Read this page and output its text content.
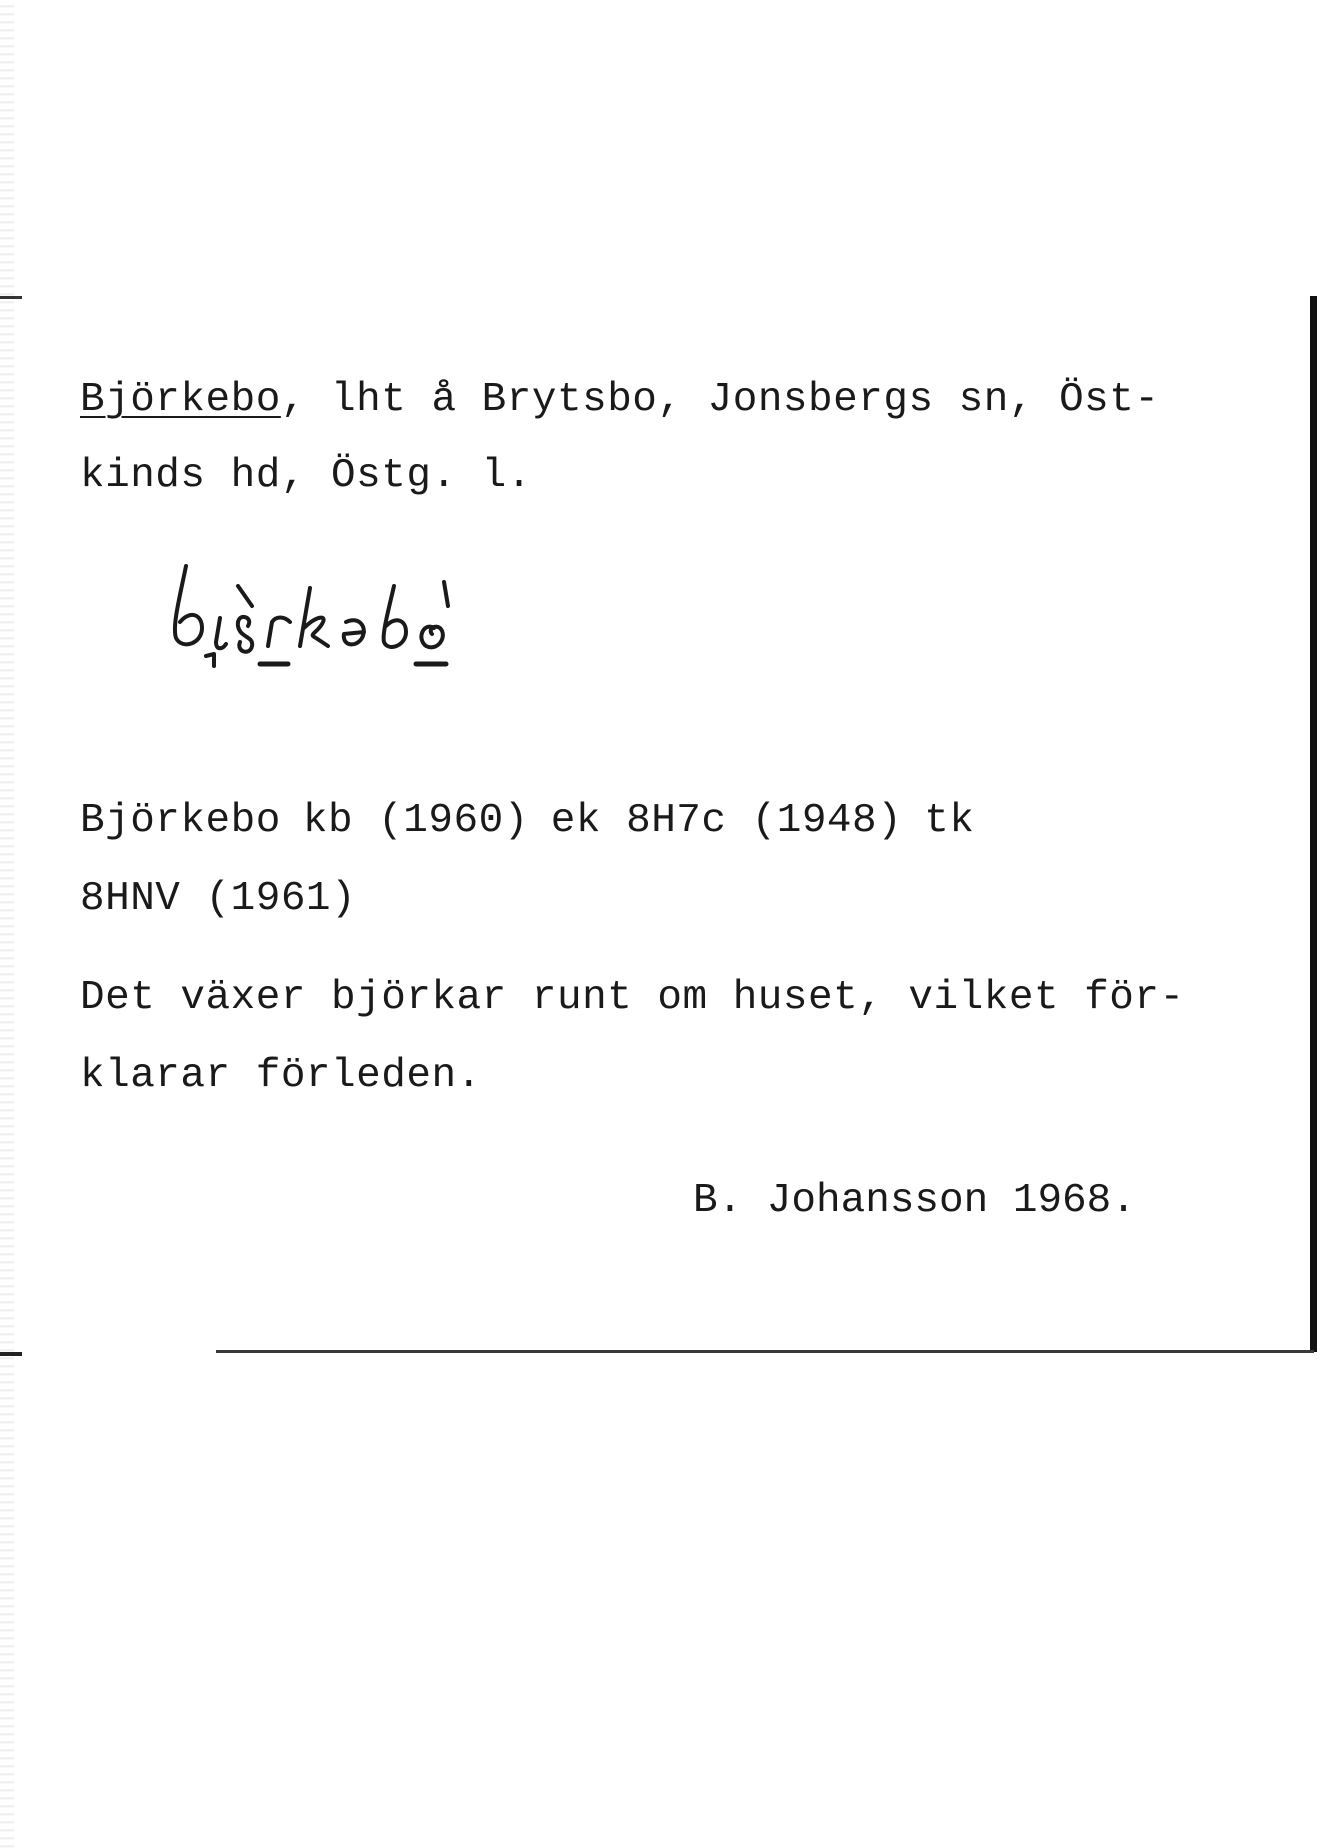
Björkebo, lht å Brytsbo, Jonsbergs sn, Öst-
kinds hd, Östg. l.
Björkebo kb (1960) ek 8H7c (1948) tk
8HNV (1961)
Det växer björkar runt om huset, vilket för-
klarar förleden.
B. Johansson 1968.
